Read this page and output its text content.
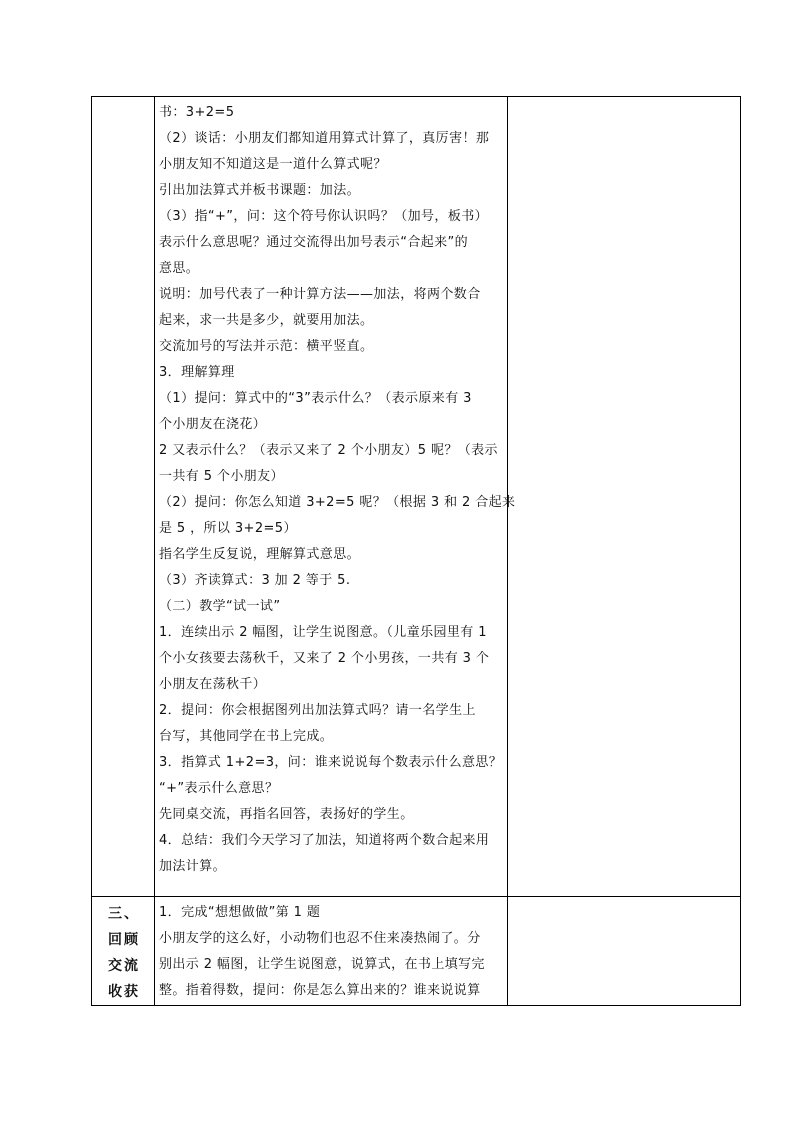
书：3+2=5
（2）谈话：小朋友们都知道用算式计算了，真厉害！那
小朋友知不知道这是一道什么算式呢？
引出加法算式并板书课题：加法。
（3）指“+”，问：这个符号你认识吗？（加号，板书）
表示什么意思呢？通过交流得出加号表示“合起来”的
意思。
说明：加号代表了一种计算方法——加法，将两个数合
起来，求一共是多少，就要用加法。
交流加号的写法并示范：横平竖直。
3．理解算理
（1）提问：算式中的“3”表示什么？（表示原来有 3
个小朋友在浇花）
2 又表示什么？（表示又来了 2 个小朋友）5 呢？（表示
一共有 5 个小朋友）
（2）提问：你怎么知道 3+2=5 呢？（根据 3 和 2 合起来
是 5 ，所以 3+2=5）
指名学生反复说，理解算式意思。
（3）齐读算式：3 加 2 等于 5.
（二）教学“试一试”
1．连续出示 2 幅图，让学生说图意。（儿童乐园里有 1
个小女孩要去荡秋千，又来了 2 个小男孩，一共有 3 个
小朋友在荡秋千）
2．提问：你会根据图列出加法算式吗？请一名学生上
台写，其他同学在书上完成。
3．指算式 1+2=3，问：谁来说说每个数表示什么意思？
“+”表示什么意思？
先同桌交流，再指名回答，表扬好的学生。
4．总结：我们今天学习了加法，知道将两个数合起来用
加法计算。
三、
回顾
交流
收获
1．完成“想想做做”第 1 题
小朋友学的这么好，小动物们也忍不住来凑热闹了。分
别出示 2 幅图，让学生说图意，说算式，在书上填写完
整。指着得数，提问：你是怎么算出来的？谁来说说算
